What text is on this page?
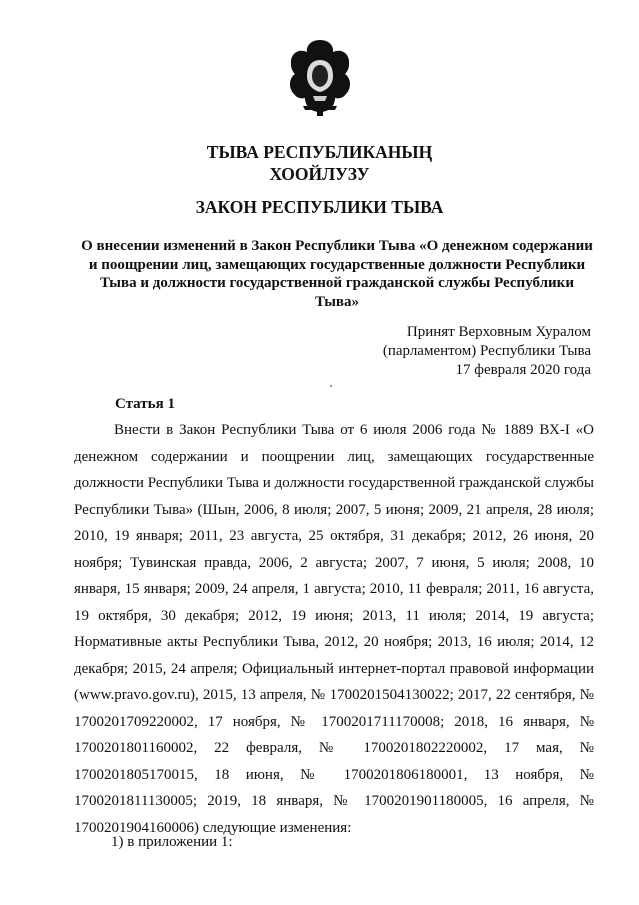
ТЫВА РЕСПУБЛИКАНЫҢ
ХООЙЛУЗУ
ЗАКОН РЕСПУБЛИКИ ТЫВА
О внесении изменений в Закон Республики Тыва «О денежном содержании и поощрении лиц, замещающих государственные должности Республики Тыва и должности государственной гражданской службы Республики Тыва»
Принят Верховным Хуралом
(парламентом) Республики Тыва
17 февраля 2020 года
Статья 1

Внести в Закон Республики Тыва от 6 июля 2006 года № 1889 ВХ-I «О денежном содержании и поощрении лиц, замещающих государственные должности Республики Тыва и должности государственной гражданской службы Республики Тыва» (Шын, 2006, 8 июля; 2007, 5 июня; 2009, 21 апреля, 28 июля; 2010, 19 января; 2011, 23 августа, 25 октября, 31 декабря; 2012, 26 июня, 20 ноября; Тувинская правда, 2006, 2 августа; 2007, 7 июня, 5 июля; 2008, 10 января, 15 января; 2009, 24 апреля, 1 августа; 2010, 11 февраля; 2011, 16 августа, 19 октября, 30 декабря; 2012, 19 июня; 2013, 11 июля; 2014, 19 августа; Нормативные акты Республики Тыва, 2012, 20 ноября; 2013, 16 июля; 2014, 12 декабря; 2015, 24 апреля; Официальный интернет-портал правовой информации (www.pravo.gov.ru), 2015, 13 апреля, № 1700201504130022; 2017, 22 сентября, № 1700201709220002, 17 ноября, № 1700201711170008; 2018, 16 января, № 1700201801160002, 22 февраля, № 1700201802220002, 17 мая, № 1700201805170015, 18 июня, № 1700201806180001, 13 ноября, № 1700201811130005; 2019, 18 января, № 1700201901180005, 16 апреля, № 1700201904160006) следующие изменения:

1) в приложении 1:
